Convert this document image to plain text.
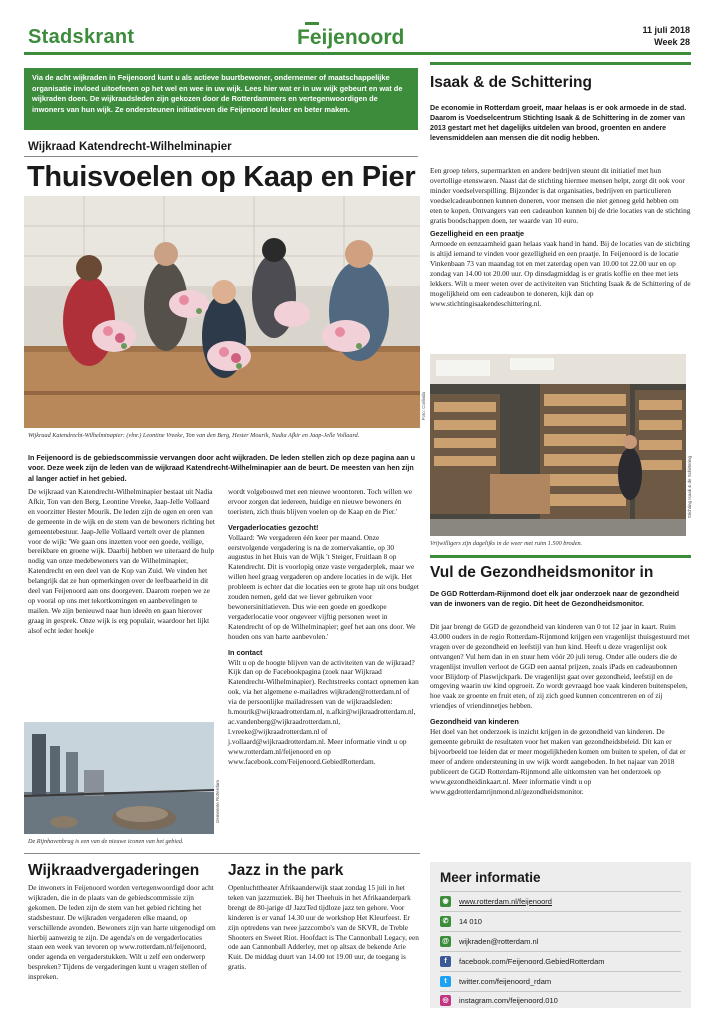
Stadskrant	Feijenoord	11 juli 2018
Week 28
Via de acht wijkraden in Feijenoord kunt u als actieve buurtbewoner, ondernemer of maatschappelijke organisatie invloed uitoefenen op het wel en wee in uw wijk. Lees hier wat er in uw wijk gebeurt en wat de wijkraden doen. De wijkraadsleden zijn gekozen door de Rotterdammers en vertegenwoordigen de inwoners van hun wijk. Ze ondersteunen initiatieven die Feijenoord leuker en beter maken.
Wijkraad Katendrecht-Wilhelminapier
Thuisvoelen op Kaap en Pier
Foto: Corlinda
Wijkraad Katendrecht-Wilhelminapier: (vlnr.) Leontine Vreeke, Ton van den Berg, Hester Mourik, Nadia Afkir en Jaap-Jelle Vollaard.
In Feijenoord is de gebiedscommissie vervangen door acht wijkraden. De leden stellen zich op deze pagina aan u voor. Deze week zijn de leden van de wijkraad Katendrecht-Wilhelminapier aan de beurt. De meesten van hen zijn al langer actief in het gebied.
De wijkraad van Katendrecht-Wilhelminapier bestaat uit Nadia Afkir, Ton van den Berg, Leontine Vreeke, Jaap-Jelle Vollaard en voorzitter Hester Mourik. De leden zijn de ogen en oren van de gemeente in de wijk en de stem van de bewoners richting het gemeentebestuur. Jaap-Jelle Vollaard vertelt over de plannen voor de wijk: 'We gaan ons inzetten voor een goede, veilige, bereikbare en groene wijk. Daarbij hebben we uiteraard de hulp nodig van onze medebewoners van de Wilhelminapier, Katendrecht en een deel van de Kop van Zuid. We vinden het belangrijk dat ze hun opmerkingen over de leefbaarheid in dit deel van Feijenoord aan ons doorgeven. Daarom roepen we ze op vooral op ons met tekortkomingen en aanbevelingen te mailen. We zijn benieuwd naar hun ideeën en gaan hierover graag in gesprek. Onze wijk is erg populair, waardoor het lijkt alsof echt ieder hoekje
wordt volgebouwd met een nieuwe woontoren. Toch willen we ervoor zorgen dat iedereen, huidige en nieuwe bewoners én toeristen, zich thuis blijven voelen op de Kaap en de Pier.'
Vergaderlocaties gezocht!
Vollaard: 'We vergaderen één keer per maand. Onze eerstvolgende vergadering is na de zomervakantie, op 30 augustus in het Huis van de Wijk 't Steiger, Fruitlaan 8 op Katendrecht. Dit is voorlopig onze vaste vergaderplek, maar we willen heel graag vergaderen op andere locaties in de wijk. Het probleem is echter dat die locaties een te grote hap uit ons budget zouden nemen, geld dat we liever gebruiken voor bewonersinitiatieven. Dus wie een goede en goedkope vergaderlocatie voor ongeveer vijftig personen weet in Katendrecht of op de Wilhelminapier; geef het aan ons door. We houden ons van harte aanbevolen.'
In contact
Wilt u op de hoogte blijven van de activiteiten van de wijkraad? Kijk dan op de Facebookpagina (zoek naar Wijkraad Katendrecht-Wilhelminapier). Rechtstreeks contact opnemen kan ook, via het algemene e-mailadres wijkraden@rotterdam.nl of via de persoonlijke mailadressen van de wijkraadsleden: h.mourik@wijkraadrotterdam.nl, n.afkir@wijkraadrotterdam.nl, ac.vandenberg@wijkraadrotterdam.nl, l.vreeke@wijkraadrotterdam.nl of j.vollaard@wijkraadrotterdam.nl. Meer informatie vindt u op www.rotterdam.nl/feijenoord en op www.facebook.com/Feijenoord.GebiedRotterdam.
Gemeente Rotterdam
De Rijnhavenbrug is een van de nieuwe iconen van het gebied.
Wijkraadvergaderingen
De inwoners in Feijenoord worden vertegenwoordigd door acht wijkraden, die in de plaats van de gebiedscommissie zijn gekomen. De leden zijn de stem van het gebied richting het stadsbestuur. De wijkraden vergaderen elke maand, op verschillende avonden. Bewoners zijn van harte uitgenodigd om hierbij aanwezig te zijn. De agenda's en de vergaderlocaties staan een week van tevoren op www.rotterdam.nl/feijenoord, onder agenda en vergaderstukken. Wilt u zelf een onderwerp bespreken? Tijdens de vergaderingen kunt u vragen stellen of inspreken.
Jazz in the park
Openluchttheater Afrikaanderwijk staat zondag 15 juli in het teken van jazzmuziek. Bij het Theehuis in het Afrikaanderpark brengt de 80-jarige dJ JazzTed tijdloze jazz ten gehore. Voor kinderen is er vanaf 14.30 uur de workshop Het Kleurfeest. Er zijn optredens van twee jazzcombo's van de SKVR, de Treble Shooters en Sweet Riot. Hoofdact is The Cannonball Legacy, een ode aan Cannonball Adderley, met op altsax de bekende Arie Kuit. De middag duurt van 14.00 tot 19.00 uur, de toegang is gratis.
Isaak & de Schittering
De economie in Rotterdam groeit, maar helaas is er ook armoede in de stad. Daarom is Voedselcentrum Stichting Isaak & de Schittering in de zomer van 2013 gestart met het dagelijks uitdelen van brood, groenten en andere levensmiddelen aan mensen die dit nodig hebben.
Een groep telers, supermarkten en andere bedrijven steunt dit initiatief met hun overtollige etenswaren. Naast dat de stichting hiermee mensen helpt, zorgt dit ook voor minder voedselverspilling. Bijzonder is dat organisaties, bedrijven en particulieren voedselcadeaubonnen kunnen doneren, voor mensen die niet genoeg geld hebben om eten te kopen. Ontvangers van een cadeaubon kunnen bij de drie locaties van de stichting gratis boodschappen doen, ter waarde van 10 euro.
Gezelligheid en een praatje
Armoede en eenzaamheid gaan helaas vaak hand in hand. Bij de locaties van de stichting is altijd iemand te vinden voor gezelligheid en een praatje. In Feijenoord is de locatie Vinkenbaan 73 van maandag tot en met zaterdag open van 10.00 tot 22.00 uur en op zondag van 14.00 tot 20.00 uur. Op dinsdagmiddag is er gratis koffie en thee met iets lekkers. Wilt u meer weten over de activiteiten van Stichting Isaak & de Schittering of de mogelijkheid om een cadeaubon te doneren, kijk dan op www.stichtingisaakendeschittering.nl.
Stichting Isaak & de Schittering
Vrijwilligers zijn dagelijks in de weer met ruim 1.500 broden.
Vul de Gezondheidsmonitor in
De GGD Rotterdam-Rijnmond doet elk jaar onderzoek naar de gezondheid van de inwoners van de regio. Dit heet de Gezondheidsmonitor.
Dit jaar brengt de GGD de gezondheid van kinderen van 0 tot 12 jaar in kaart. Ruim 43.000 ouders in de regio Rotterdam-Rijnmond krijgen een vragenlijst thuisgestuurd met vragen over de gezondheid en leefstijl van hun kind. Heeft u deze vragenlijst ook ontvangen? Vul hem dan in en stuur hem vóór 20 juli terug. Onder alle ouders die de vragenlijst invullen verloot de GGD een aantal prijzen, zoals iPads en cadeaubonnen voor Blijdorp of Plaswijckpark. De vragenlijst gaat over gezondheid, leefstijl en de omgeving waarin uw kind opgroeit. Zo wordt gevraagd hoe vaak kinderen buitenspelen, hoe vaak ze groente en fruit eten, of zij zich goed kunnen concentreren en of zij vriendjes of vriendinnetjes hebben.
Gezondheid van kinderen
Het doel van het onderzoek is inzicht krijgen in de gezondheid van kinderen. De gemeente gebruikt de resultaten voor het maken van gezondheidsbeleid. Dit kan er bijvoorbeeld toe leiden dat er meer mogelijkheden komen om buiten te spelen, of dat er meer of andere ondersteuning in uw wijk wordt aangeboden. In het najaar van 2018 publiceert de GGD Rotterdam-Rijnmond alle uitkomsten van het onderzoek op www.gezondheidinkaart.nl. Meer informatie vindt u op www.ggdrotterdamrijnmond.nl/gezondheidsmonitor.
Meer informatie
◉	www.rotterdam.nl/feijenoord
✆	14 010
@ wijkraden@rotterdam.nl
f	facebook.com/Feijenoord.GebiedRotterdam
t	twitter.com/feijenoord_rdam
◎	instagram.com/feijenoord.010
